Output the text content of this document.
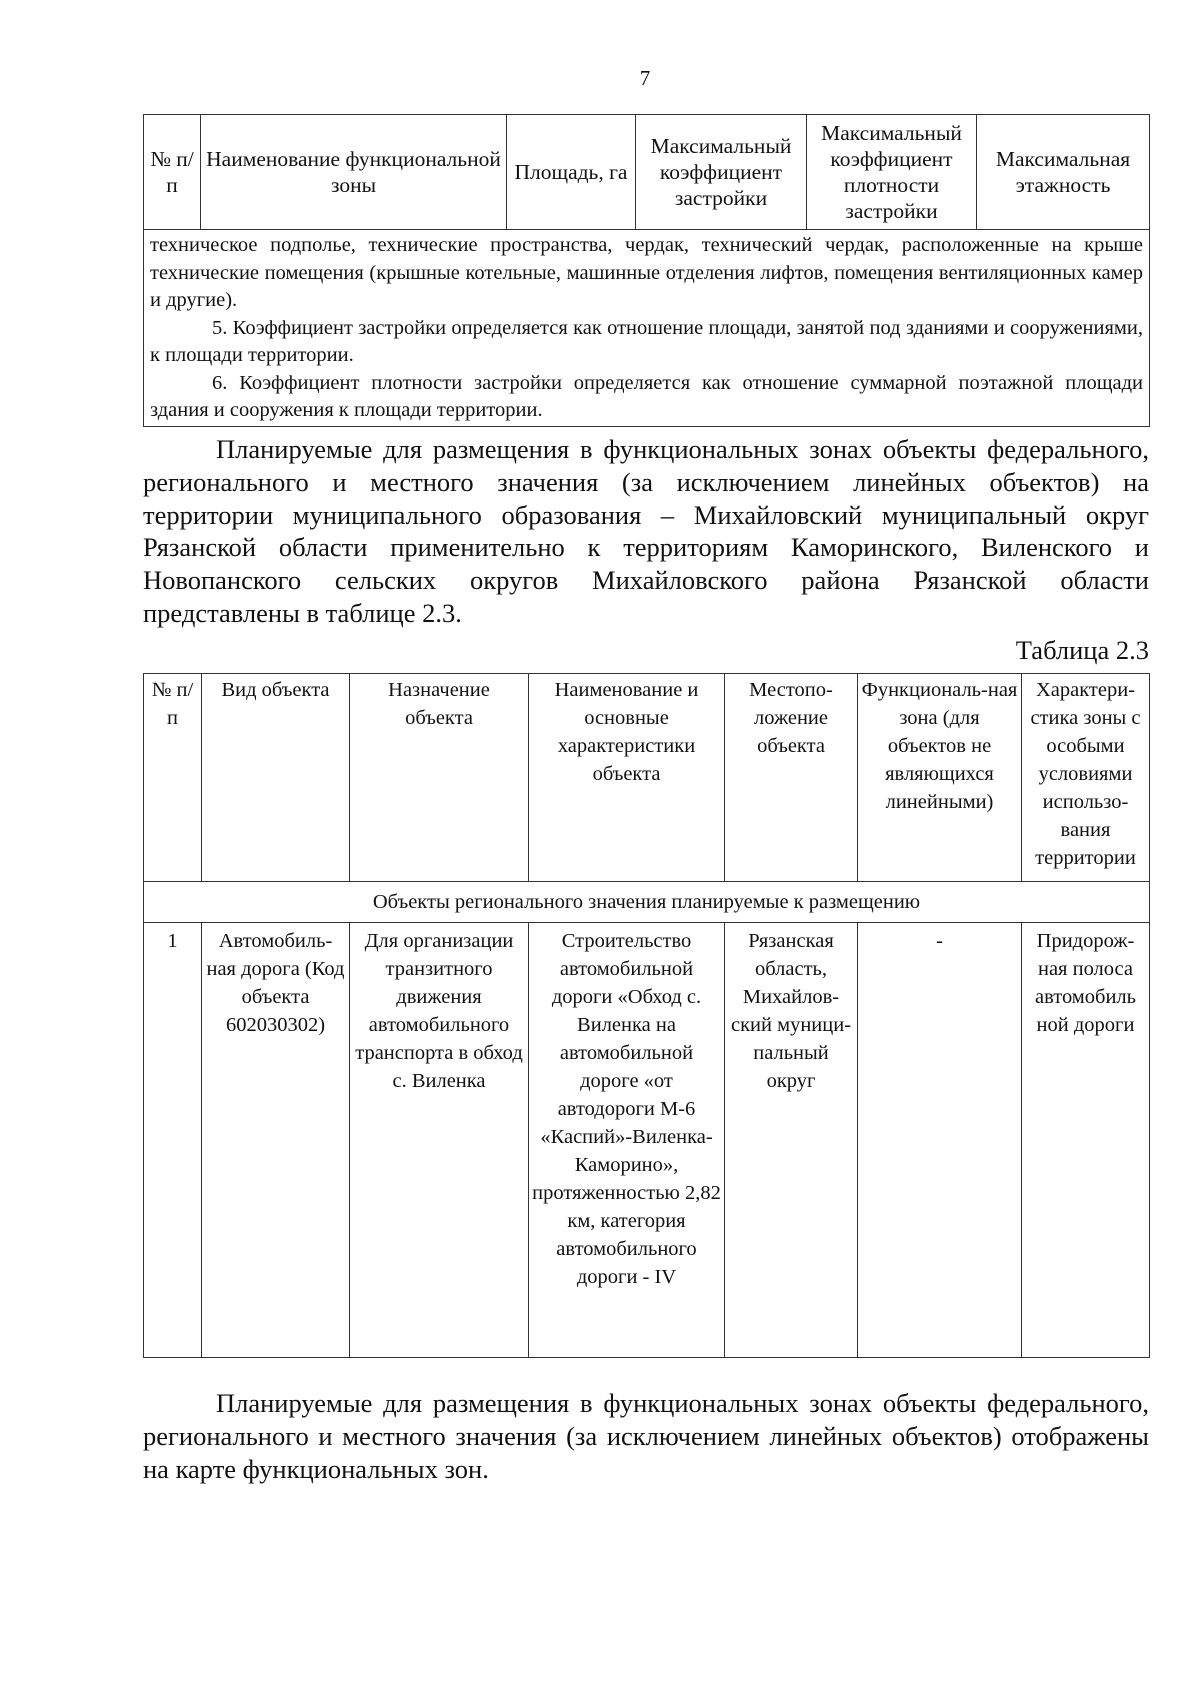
7
№ п/п	Наименование функциональной зоны	Площадь, га	Максимальный коэффициент застройки	Максимальный коэффициент плотности застройки	Максимальная этажность

техническое подполье, технические пространства, чердак, технический чердак, расположенные на крыше технические помещения (крышные котельные, машинные отделения лифтов, помещения вентиляционных камер и другие).

5. Коэффициент застройки определяется как отношение площади, занятой под зданиями и сооружениями, к площади территории.

6. Коэффициент плотности застройки определяется как отношение суммарной поэтажной площади здания и сооружения к площади территории.

Планируемые для размещения в функциональных зонах объекты федерального, регионального и местного значения (за исключением линейных объектов) на территории муниципального образования – Михайловский муниципальный округ Рязанской области применительно к территориям Каморинского, Виленского и Новопанского сельских округов Михайловского района Рязанской области представлены в таблице 2.3.

Таблица 2.3

№ п/п	Вид объекта	Назначение объекта	Наименование и основные характеристики объекта	Местопо-ложение объекта	Функциональ-ная зона (для объектов не являющихся линейными)	Характери-стика зоны с особыми условиями использо-вания территории
Объекты регионального значения планируемые к размещению						
1	Автомобиль-ная дорога (Код объекта 602030302)	Для организации транзитного движения автомобильного транспорта в обход с. Виленка	Строительство автомобильной дороги «Обход с. Виленка на автомобильной дороге «от автодороги М-6 «Каспий»-Виленка-Каморино», протяженностью 2,82 км, категория автомобильного дороги - IV	Рязанская область, Михайлов-ский муници-пальный округ	-	Придорож-ная полоса автомобиль ной дороги

Планируемые для размещения в функциональных зонах объекты федерального, регионального и местного значения (за исключением линейных объектов) отображены на карте функциональных зон.
